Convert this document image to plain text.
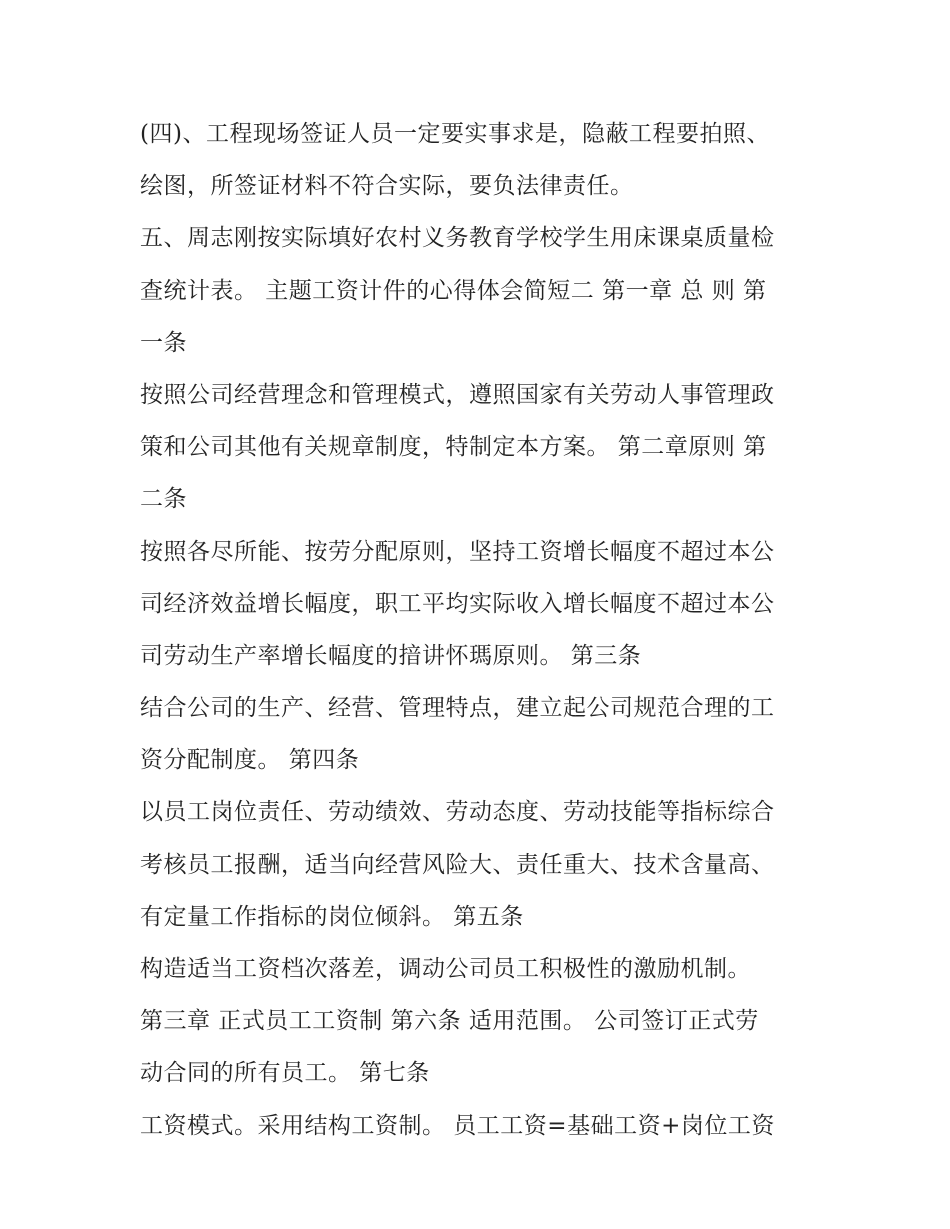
(四)、工程现场签证人员一定要实事求是，隐蔽工程要拍照、
绘图，所签证材料不符合实际，要负法律责任。
五、周志刚按实际填好农村义务教育学校学生用床课桌质量检
查统计表。 主题工资计件的心得体会简短二 第一章 总 则 第
一条
按照公司经营理念和管理模式，遵照国家有关劳动人事管理政
策和公司其他有关规章制度，特制定本方案。 第二章原则 第
二条
按照各尽所能、按劳分配原则，坚持工资增长幅度不超过本公
司经济效益增长幅度，职工平均实际收入增长幅度不超过本公
司劳动生产率增长幅度的揞讲怀瑪原则。 第三条
结合公司的生产、经营、管理特点，建立起公司规范合理的工
资分配制度。 第四条
以员工岗位责任、劳动绩效、劳动态度、劳动技能等指标综合
考核员工报酬，适当向经营风险大、责任重大、技术含量高、
有定量工作指标的岗位倾斜。 第五条
构造适当工资档次落差，调动公司员工积极性的激励机制。
第三章 正式员工工资制 第六条 适用范围。 公司签订正式劳
动合同的所有员工。 第七条
工资模式。采用结构工资制。 员工工资=基础工资+岗位工资
